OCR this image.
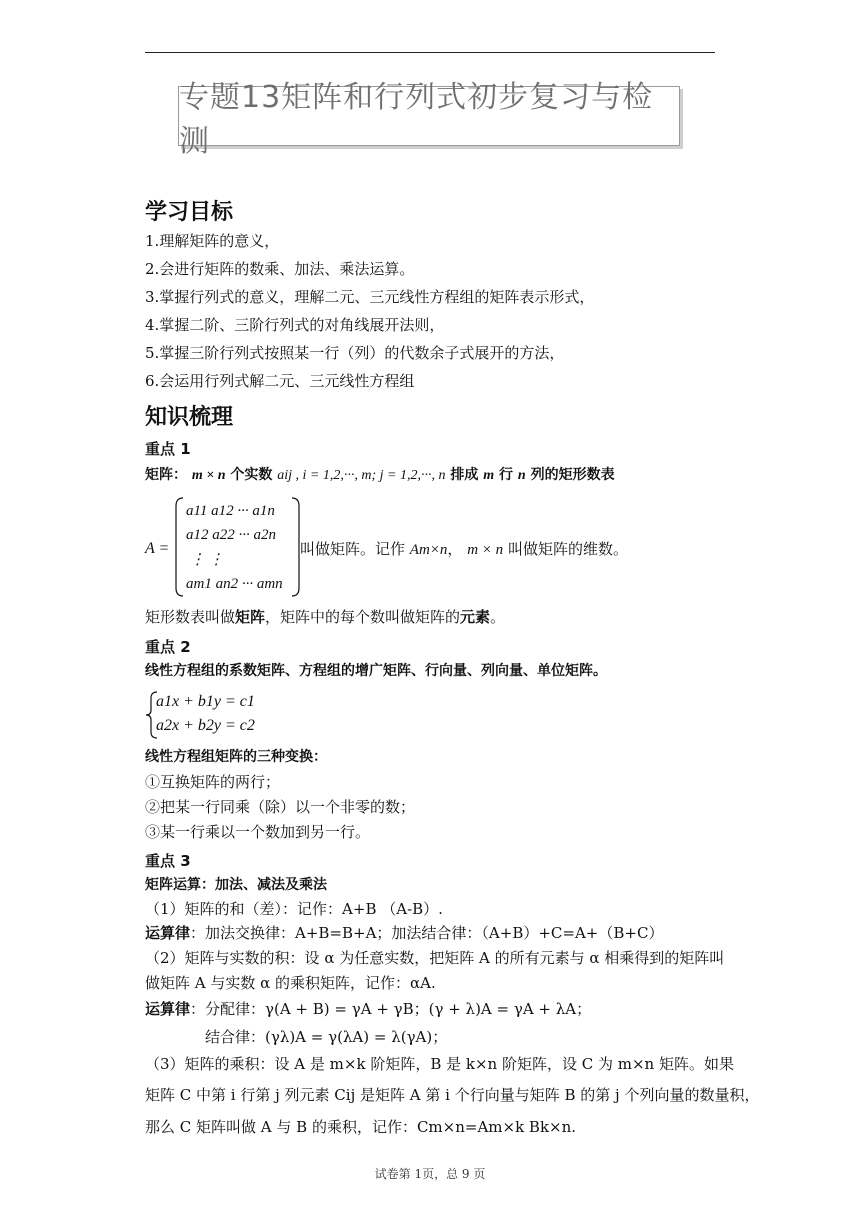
专题13矩阵和行列式初步复习与检测
学习目标
1.理解矩阵的意义，
2.会进行矩阵的数乘、加法、乘法运算。
3.掌握行列式的意义，理解二元、三元线性方程组的矩阵表示形式，
4.掌握二阶、三阶行列式的对角线展开法则，
5.掌握三阶行列式按照某一行（列）的代数余子式展开的方法，
6.会运用行列式解二元、三元线性方程组
知识梳理
重点 1
矩阵： m × n 个实数 aij , i = 1,2,···, m; j = 1,2,···, n 排成 m 行 n 列的矩形数表
A =
a11 a12 ··· a1n
a12 a22 ··· a2n
⋮ ⋮
am1 an2 ··· amn
叫做矩阵。记作 Am×n， m × n 叫做矩阵的维数。
矩形数表叫做矩阵，矩阵中的每个数叫做矩阵的元素。
重点 2
线性方程组的系数矩阵、方程组的增广矩阵、行向量、列向量、单位矩阵。
a1x + b1y = c1
a2x + b2y = c2
线性方程组矩阵的三种变换：
①互换矩阵的两行；
②把某一行同乘（除）以一个非零的数；
③某一行乘以一个数加到另一行。
重点 3
矩阵运算：加法、减法及乘法
（1）矩阵的和（差）：记作：A+B （A-B）.
运算律：加法交换律：A+B=B+A；加法结合律：（A+B）+C=A+（B+C）
（2）矩阵与实数的积：设 α 为任意实数，把矩阵 A 的所有元素与 α 相乘得到的矩阵叫
做矩阵 A 与实数 α 的乘积矩阵，记作：αA.
运算律：分配律：γ(A + B) = γA + γB；(γ + λ)A = γA + λA；
结合律：(γλ)A = γ(λA) = λ(γA)；
（3）矩阵的乘积：设 A 是 m×k 阶矩阵，B 是 k×n 阶矩阵，设 C 为 m×n 矩阵。如果
矩阵 C 中第 i 行第 j 列元素 Cij 是矩阵 A 第 i 个行向量与矩阵 B 的第 j 个列向量的数量积，
那么 C 矩阵叫做 A 与 B 的乘积，记作：Cm×n=Am×k Bk×n.
试卷第 1页，总 9 页
